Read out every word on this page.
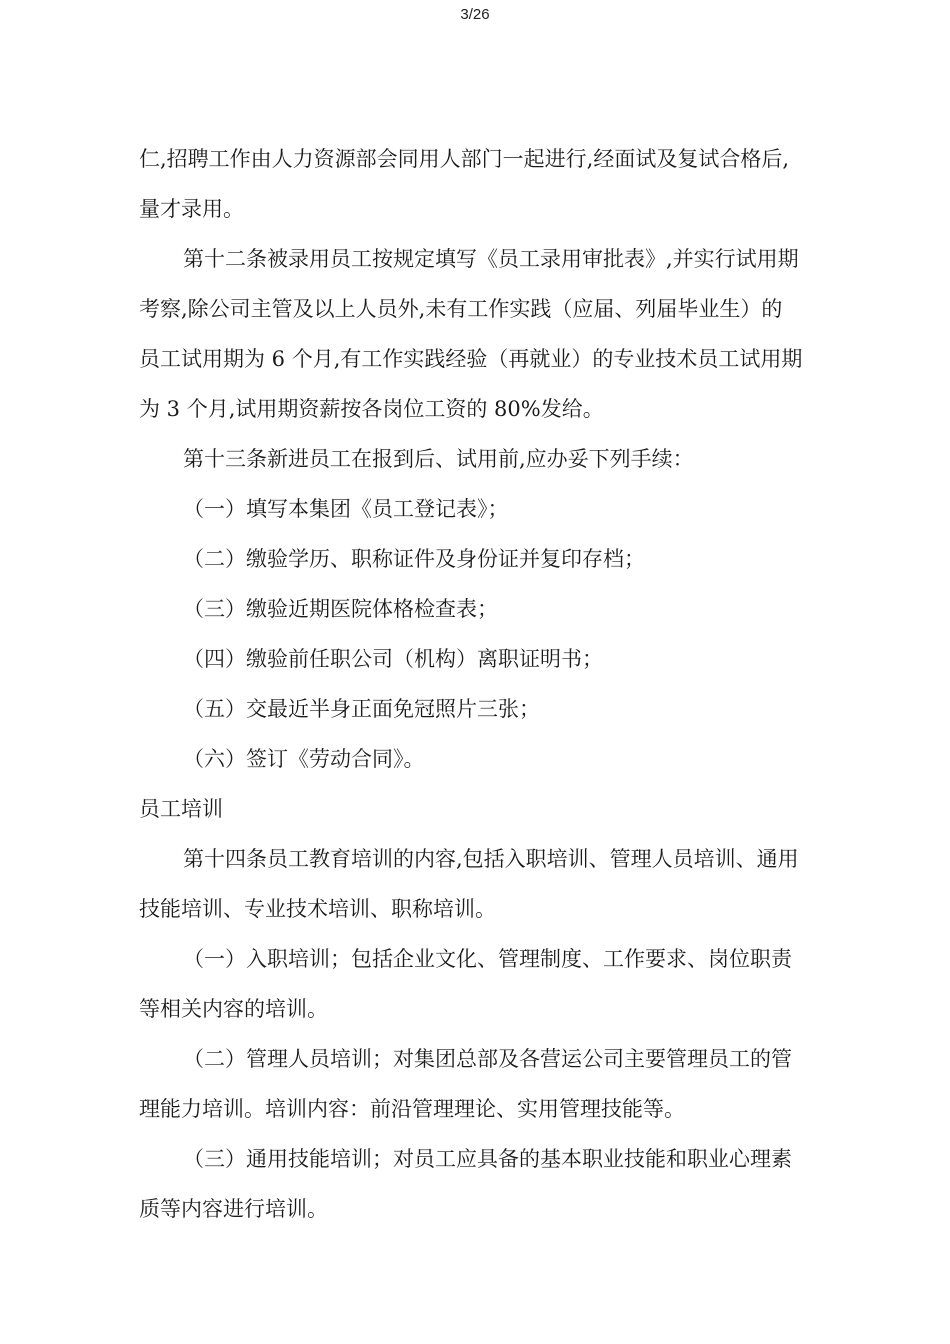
3/26
仁,招聘工作由人力资源部会同用人部门一起进行,经面试及复试合格后,
量才录用。
第十二条被录用员工按规定填写《员工录用审批表》,并实行试用期
考察,除公司主管及以上人员外,未有工作实践（应届、列届毕业生）的
员工试用期为 6 个月,有工作实践经验（再就业）的专业技术员工试用期
为 3 个月,试用期资薪按各岗位工资的 80%发给。
第十三条新进员工在报到后、试用前,应办妥下列手续：
（一）填写本集团《员工登记表》；
（二）缴验学历、职称证件及身份证并复印存档；
（三）缴验近期医院体格检查表；
（四）缴验前任职公司（机构）离职证明书；
（五）交最近半身正面免冠照片三张；
（六）签订《劳动合同》。
员工培训
第十四条员工教育培训的内容,包括入职培训、管理人员培训、通用
技能培训、专业技术培训、职称培训。
（一）入职培训；包括企业文化、管理制度、工作要求、岗位职责
等相关内容的培训。
（二）管理人员培训；对集团总部及各营运公司主要管理员工的管
理能力培训。培训内容：前沿管理理论、实用管理技能等。
（三）通用技能培训；对员工应具备的基本职业技能和职业心理素
质等内容进行培训。
